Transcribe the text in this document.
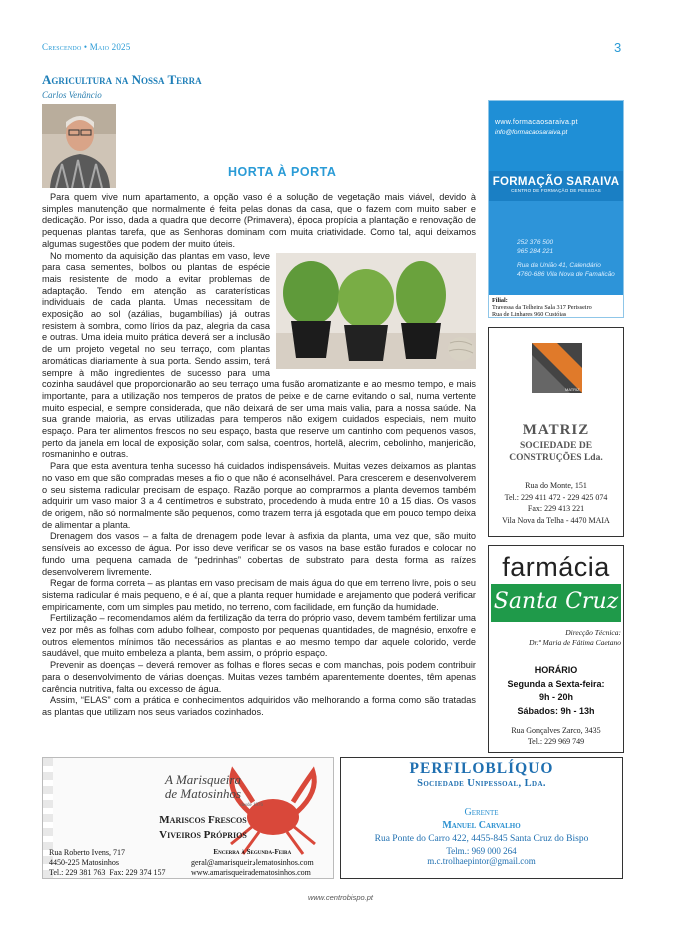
Crescendo • Maio 2025	3
Agricultura na Nossa Terra
Carlos Venâncio
HORTA À PORTA

Para quem vive num apartamento, a opção vaso é a solução de vegetação mais viável, devido à simples manutenção que normalmente é feita pelas donas da casa, que o fazem com muito saber e dedicação. Por isso, dada a quadra que decorre (Primavera), época propícia a plantação e renovação de pequenas plantas tarefa, que as Senhoras dominam com muita criatividade. Como tal, aqui deixamos algumas sugestões que podem der muito úteis.

No momento da aquisição das plantas em vaso, leve para casa sementes, bolbos ou plantas de espécie mais resistente de modo a evitar problemas de adaptação. Tendo em atenção as caraterísticas individuais de cada planta. Umas necessitam de exposição ao sol (azálias, bugambílias) já outras resistem à sombra, como lírios da paz, alegria da casa e outras. Uma ideia muito prática deverá ser a inclusão de um projeto vegetal no seu terraço, com plantas aromáticas diariamente à sua porta. Sendo assim, terá sempre à mão ingredientes de sucesso para uma cozinha saudável que proporcionarão ao seu terraço uma fusão aromatizante e ao mesmo tempo, e mais importante, para a utilização nos temperos de pratos de peixe e de carne evitando o sal, numa vertente muito especial, e sempre considerada, que não deixará de ser uma mais valia, para a nossa saúde. Na sua grande maioria, as ervas utilizadas para temperos não exigem cuidados especiais, nem muito espaço. Para ter alimentos frescos no seu espaço, basta que reserve um cantinho com pequenos vasos, perto da janela em local de exposição solar, com salsa, coentros, hortelã, alecrim, cebolinho, manjericão, rosmaninho e outras.

Para que esta aventura tenha sucesso há cuidados indispensáveis. Muitas vezes deixamos as plantas no vaso em que são compradas meses a fio o que não é aconselhável. Para crescerem e desenvolverem o seu sistema radicular precisam de espaço. Razão porque ao comprarmos a planta devemos também adquirir um vaso maior 3 a 4 centímetros e substrato, procedendo à muda entre 10 a 15 dias. Os vasos de origem, não só normalmente são pequenos, como trazem terra já esgotada que em pouco tempo deixa de alimentar a planta.

Drenagem dos vasos – a falta de drenagem pode levar à asfixia da planta, uma vez que, são muito sensíveis ao excesso de água. Por isso deve verificar se os vasos na base estão furados e colocar no fundo uma pequena camada de “pedrinhas” cobertas de substrato para desta forma as raízes desenvolverem livremente.

Regar de forma correta – as plantas em vaso precisam de mais água do que em terreno livre, pois o seu sistema radicular é mais pequeno, e é aí, que a planta requer humidade e arejamento que poderá verificar empiricamente, com um simples pau metido, no terreno, com facilidade, em função da humidade.

Fertilização – recomendamos além da fertilização da terra do próprio vaso, devem também fertilizar uma vez por mês as folhas com adubo folhear, composto por pequenas quantidades, de magnésio, enxofre e outros elementos mínimos tão necessários as plantas e ao mesmo tempo dar aquele colorido, verde saudável, que muito embeleza a planta, bem assim, o próprio espaço.

Prevenir as doenças – deverá remover as folhas e flores secas e com manchas, pois podem contribuir para o desenvolvimento de várias doenças. Muitas vezes também aparentemente doentes, têm apenas carência nutritiva, falta ou excesso de água.

Assim, “ELAS” com a prática e conhecimentos adquiridos vão melhorando a forma como são tratadas as plantas que utilizam nos seus variados cozinhados.

www.formacaosaraiva.pt
info@formacaosaraiva.pt
FORMAÇÃO SARAIVA
CENTRO DE FORMAÇÃO DE PESSOAS
252 376 500
965 284 221
Rua da União 41, Calendário
4760-686 Vila Nova de Famalicão
Filial:
Travessa da Telheira Sala 317 Perisseiro
Rua de Linhares 960 Custóias
MATRIZ
MATRIZ
SOCIEDADE DE
CONSTRUÇÕES Lda.
Rua do Monte, 151
Tel.: 229 411 472 - 229 425 074
Fax: 229 413 221
Vila Nova da Telha - 4470 MAIA
farmácia
Santa Cruz
Direcção Técnica:
Dr.ª Maria de Fátima Caetano
HORÁRIO
Segunda a Sexta-feira:
9h - 20h
Sábados: 9h - 13h
Rua Gonçalves Zarco, 3435
Tel.: 229 969 749
A Marisqueira
de Matosinhos
desde 1976
Mariscos Frescos
Viveiros Próprios
Rua Roberto Ivens, 717
4450-225 Matosinhos
Tel.: 229 381 763 Fax: 229 374 157
Encerra à Segunda-Feira
geral@amarisqueirادematosinhos.com
www.amarisqueiradematosinhos.com
PERFILOBLÍQUO
Sociedade Unipessoal, Lda.
Gerente
Manuel Carvalho
Rua Ponte do Carro 422, 4455-845 Santa Cruz do Bispo
Telm.: 969 000 264
m.c.trolhaepintor@gmail.com
www.centrobispo.pt
